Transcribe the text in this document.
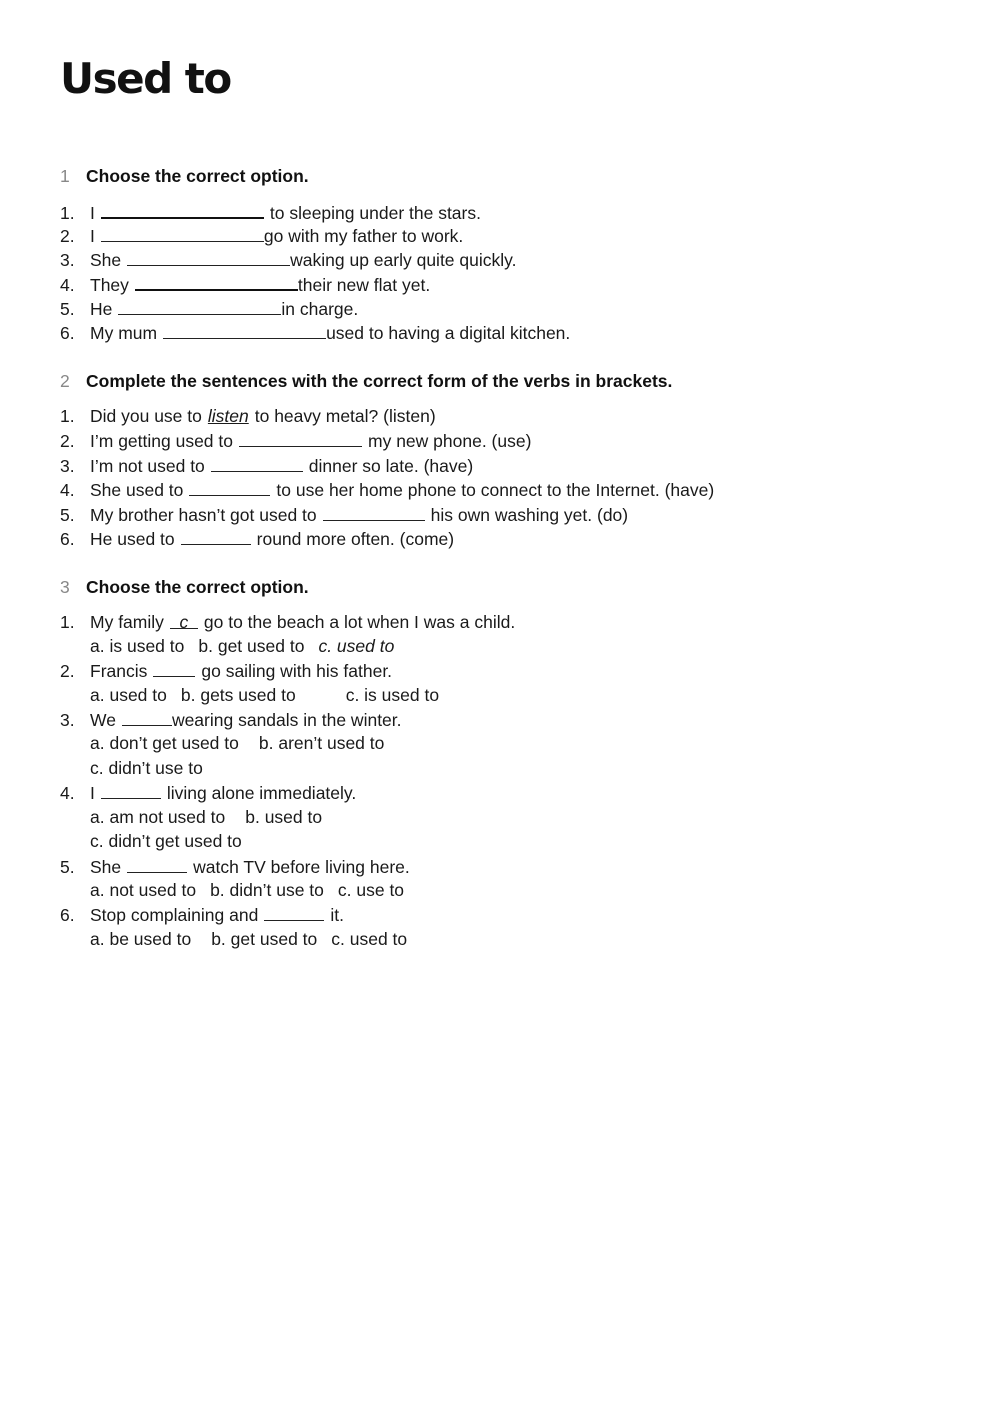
Used to
1 Choose the correct option.
1. I	to sleeping under the stars.
2. I	go with my father to work.
3. She	waking up early quite quickly.
4. They	their new flat yet.
5. He	in charge.
6. My mum	used to having a digital kitchen.
2 Complete the sentences with the correct form of the verbs in brackets.
1. Did you use to listen to heavy metal? (listen)
2. I’m getting used to	my new phone. (use)
3. I’m not used to	dinner so late. (have)
4. She used to	to use her home phone to connect to the Internet. (have)
5. My brother hasn’t got used to	his own washing yet. (do)
6. He used to	round more often. (come)
3 Choose the correct option.
1. My family c go to the beach a lot when I was a child.
a. is used to b. get used to c. used to
2. Francis	go sailing with his father.
a. used to b. gets used to	c. is used to
3. We	wearing sandals in the winter.
a. don’t get used to b. aren’t used to
c. didn’t use to
4. I	living alone immediately.
a. am not used to b. used to
c. didn’t get used to
5. She	watch TV before living here.
a. not used to b. didn’t use to c. use to
6. Stop complaining and	it.
a. be used to b. get used to c. used to
